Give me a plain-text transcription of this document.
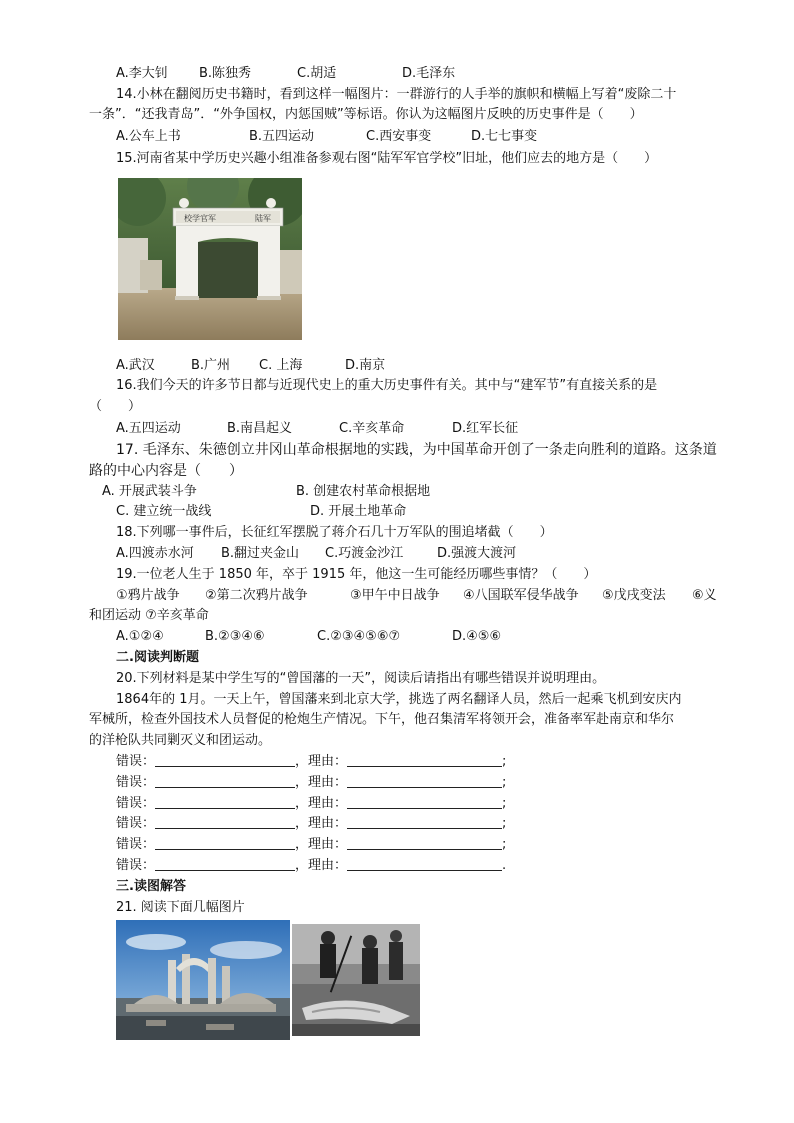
A.李大钊 B.陈独秀	C.胡适	D.毛泽东
14.小林在翻阅历史书籍时，看到这样一幅图片：一群游行的人手举的旗帜和横幅上写着“废除二十
一条”．“还我青岛”．“外争国权，内惩国贼”等标语。你认为这幅图片反映的历史事件是（　　）
A.公车上书	B.五四运动	C.西安事变	D.七七事变
15.河南省某中学历史兴趣小组准备参观右图“陆军军官学校”旧址，他们应去的地方是（　　）
校学官军	陆军
A.武汉	B.广州 C. 上海	D.南京
16.我们今天的许多节日都与近现代史上的重大历史事件有关。其中与“建军节”有直接关系的是
（　　）
A.五四运动	B.南昌起义	C.辛亥革命	D.红军长征
17. 毛泽东、朱德创立井冈山革命根据地的实践，为中国革命开创了一条走向胜利的道路。这条道
路的中心内容是（　　）
A. 开展武装斗争	B. 创建农村革命根据地
C. 建立统一战线	D. 开展土地革命
18.下列哪一事件后，长征红军摆脱了蒋介石几十万军队的围追堵截（　　）
A.四渡赤水河 B.翻过夹金山 C.巧渡金沙江	D.强渡大渡河
19.一位老人生于 1850 年，卒于 1915 年，他这一生可能经历哪些事情？（　　）
①鸦片战争 ②第二次鸦片战争	③甲午中日战争 ④八国联军侵华战争 ⑤戊戌变法 ⑥义
和团运动 ⑦辛亥革命
A.①②④	B.②③④⑥	C.②③④⑤⑥⑦	D.④⑤⑥
二.阅读判断题
20.下列材料是某中学生写的“曾国藩的一天”，阅读后请指出有哪些错误并说明理由。
1864年的 1月。一天上午，曾国藩来到北京大学，挑选了两名翻译人员，然后一起乘飞机到安庆内
军械所，检查外国技术人员督促的枪炮生产情况。下午，他召集清军将领开会，准备率军赴南京和华尔
的洋枪队共同剿灭义和团运动。
错误：	，理由：	;
错误：	，理由：	;
错误：	，理由：	;
错误：	，理由：	;
错误：	，理由：	;
错误：	，理由：	.
三.读图解答
21. 阅读下面几幅图片
